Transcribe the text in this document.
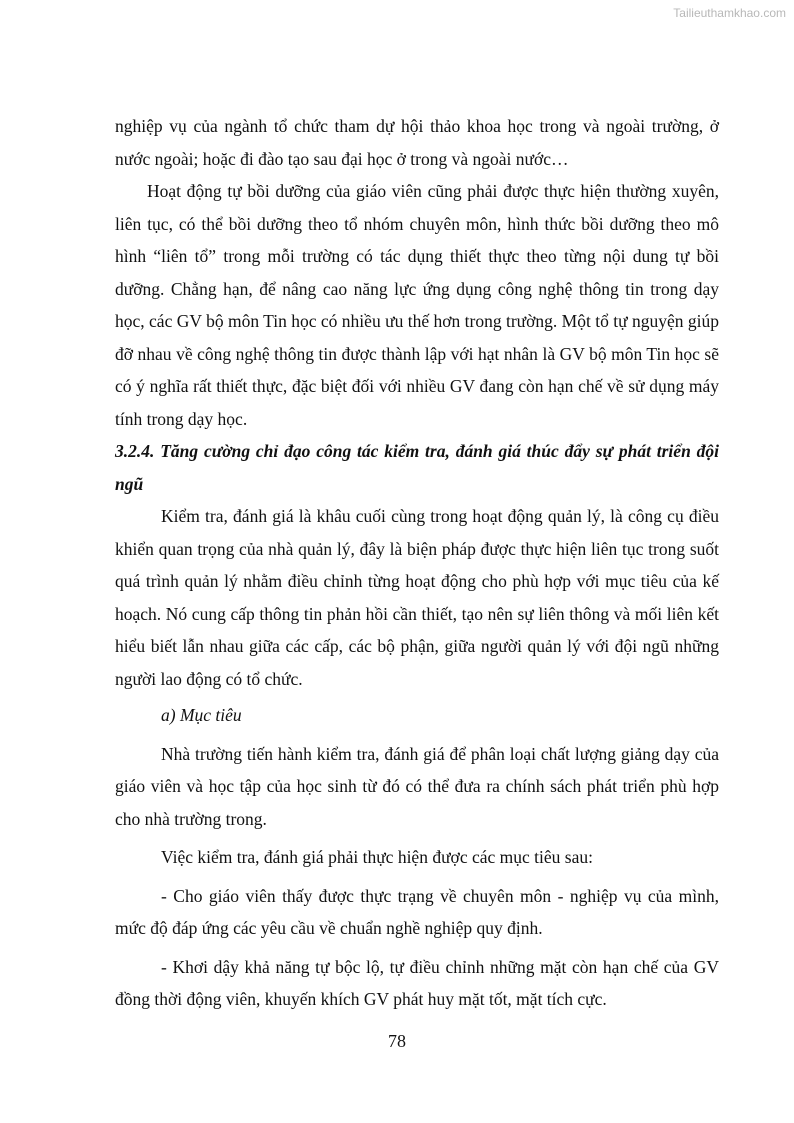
Tailieuthamkhao.com

nghiệp vụ của ngành tổ chức tham dự hội thảo khoa học trong và ngoài trường, ở nước ngoài; hoặc đi đào tạo sau đại học ở trong và ngoài nước…

Hoạt động tự bồi dưỡng của giáo viên cũng phải được thực hiện thường xuyên, liên tục, có thể bồi dưỡng theo tổ nhóm chuyên môn, hình thức bồi dưỡng theo mô hình “liên tổ” trong mỗi trường có tác dụng thiết thực theo từng nội dung tự bồi dưỡng. Chẳng hạn, để nâng cao năng lực ứng dụng công nghệ thông tin trong dạy học, các GV bộ môn Tin học có nhiều ưu thế hơn trong trường. Một tổ tự nguyện giúp đỡ nhau về công nghệ thông tin được thành lập với hạt nhân là GV bộ môn Tin học sẽ có ý nghĩa rất thiết thực, đặc biệt đối với nhiều GV đang còn hạn chế về sử dụng máy tính trong dạy học.

3.2.4. Tăng cường chỉ đạo công tác kiểm tra, đánh giá thúc đẩy sự phát triển đội ngũ

Kiểm tra, đánh giá là khâu cuối cùng trong hoạt động quản lý, là công cụ điều khiển quan trọng của nhà quản lý, đây là biện pháp được thực hiện liên tục trong suốt quá trình quản lý nhằm điều chỉnh từng hoạt động cho phù hợp với mục tiêu của kế hoạch. Nó cung cấp thông tin phản hồi cần thiết, tạo nên sự liên thông và mối liên kết hiểu biết lẫn nhau giữa các cấp, các bộ phận, giữa người quản lý với đội ngũ những người lao động có tổ chức.

a) Mục tiêu

Nhà trường tiến hành kiểm tra, đánh giá để phân loại chất lượng giảng dạy của giáo viên và học tập của học sinh từ đó có thể đưa ra chính sách phát triển phù hợp cho nhà trường trong.

Việc kiểm tra, đánh giá phải thực hiện được các mục tiêu sau:

- Cho giáo viên thấy được thực trạng về chuyên môn - nghiệp vụ của mình, mức độ đáp ứng các yêu cầu về chuẩn nghề nghiệp quy định.

- Khơi dậy khả năng tự bộc lộ, tự điều chỉnh những mặt còn hạn chế của GV đồng thời động viên, khuyến khích GV phát huy mặt tốt, mặt tích cực.

78
